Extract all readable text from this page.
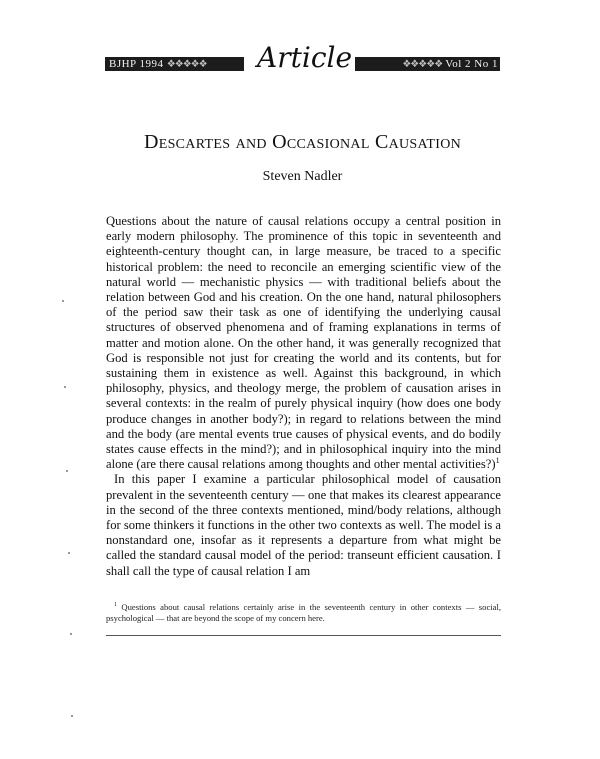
BJHP 1994 ❖❖❖❖❖	Article	❖❖❖❖❖ Vol 2 No 1
Descartes and Occasional Causation
Steven Nadler

Questions about the nature of causal relations occupy a central position in early modern philosophy. The prominence of this topic in seventeenth and eighteenth-century thought can, in large measure, be traced to a specific historical problem: the need to reconcile an emerging scientific view of the natural world — mechanistic physics — with traditional beliefs about the relation between God and his creation. On the one hand, natural philosophers of the period saw their task as one of identifying the underlying causal structures of observed phenomena and of framing explanations in terms of matter and motion alone. On the other hand, it was generally recognized that God is responsible not just for creating the world and its contents, but for sustaining them in existence as well. Against this background, in which philosophy, physics, and theology merge, the problem of causation arises in several contexts: in the realm of purely physical inquiry (how does one body produce changes in another body?); in regard to relations between the mind and the body (are mental events true causes of physical events, and do bodily states cause effects in the mind?); and in philosophical inquiry into the mind alone (are there causal relations among thoughts and other mental activities?)$^1$

In this paper I examine a particular philosophical model of causation prevalent in the seventeenth century — one that makes its clearest appearance in the second of the three contexts mentioned, mind/body relations, although for some thinkers it functions in the other two contexts as well. The model is a nonstandard one, insofar as it represents a departure from what might be called the standard causal model of the period: transeunt efficient causation. I shall call the type of causal relation I am

$^1$ Questions about causal relations certainly arise in the seventeenth century in other contexts — social, psychological — that are beyond the scope of my concern here.
